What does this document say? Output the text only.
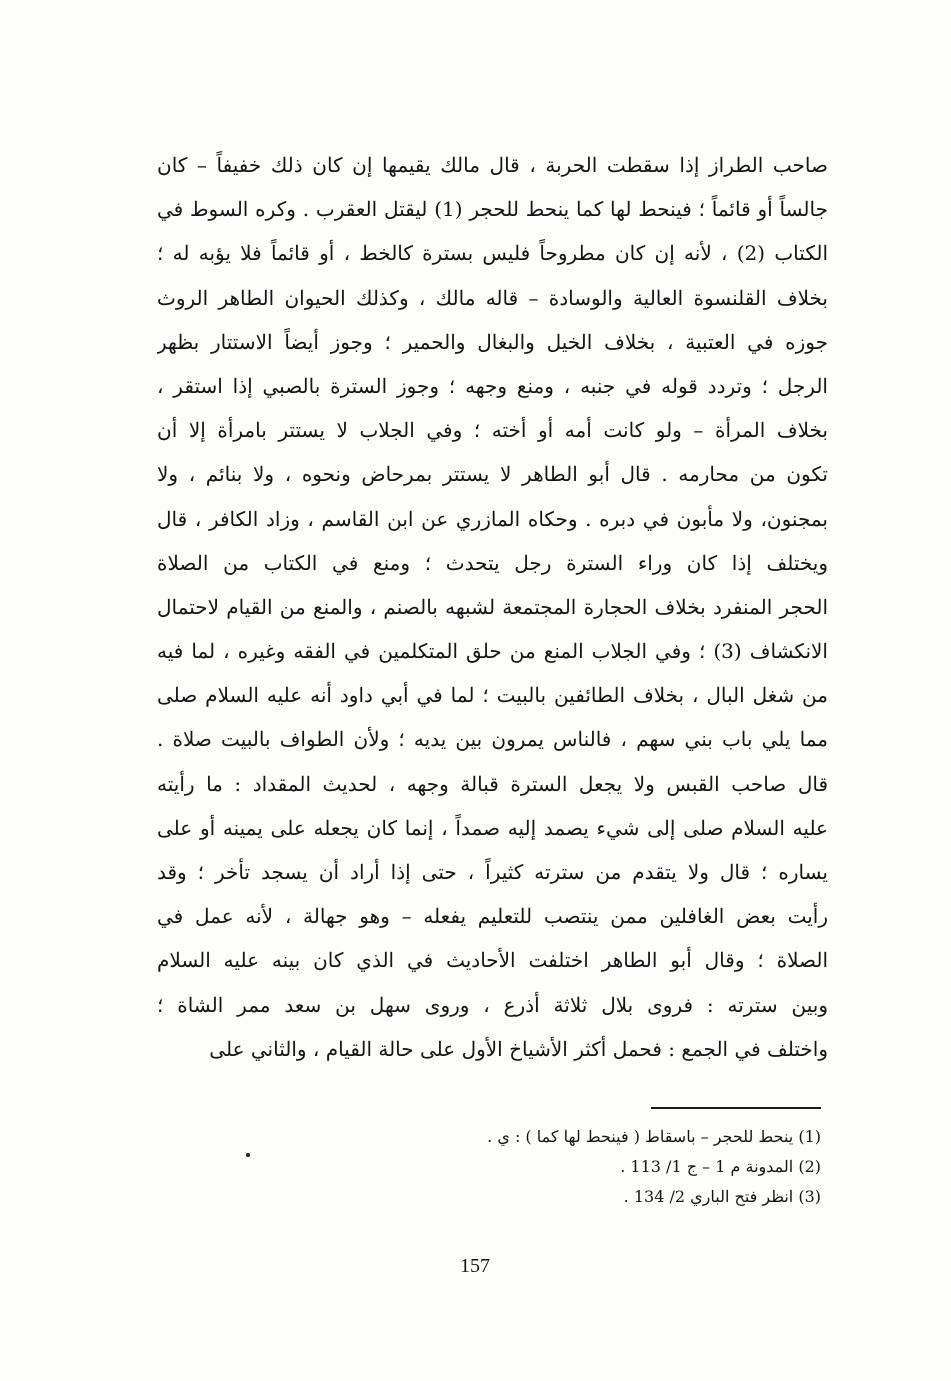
صاحب الطراز إذا سقطت الحربة ، قال مالك يقيمها إن كان ذلك خفيفاً – كان
جالساً أو قائماً ؛ فينحط لها كما ينحط للحجر (1) ليقتل العقرب . وكره السوط في
الكتاب (2) ، لأنه إن كان مطروحاً فليس بسترة كالخط ، أو قائماً فلا يؤبه له ؛
بخلاف القلنسوة العالية والوسادة – قاله مالك ، وكذلك الحيوان الطاهر الروث
جوزه في العتبية ، بخلاف الخيل والبغال والحمير ؛ وجوز أيضاً الاستتار بظهر
الرجل ؛ وتردد قوله في جنبه ، ومنع وجهه ؛ وجوز السترة بالصبي إذا استقر ،
بخلاف المرأة – ولو كانت أمه أو أخته ؛ وفي الجلاب لا يستتر بامرأة إلا أن
تكون من محارمه . قال أبو الطاهر لا يستتر بمرحاض ونحوه ، ولا بنائم ، ولا
بمجنون، ولا مأبون في دبره . وحكاه المازري عن ابن القاسم ، وزاد الكافر ، قال
ويختلف إذا كان وراء السترة رجل يتحدث ؛ ومنع في الكتاب من الصلاة
الحجر المنفرد بخلاف الحجارة المجتمعة لشبهه بالصنم ، والمنع من القيام لاحتمال
الانكشاف (3) ؛ وفي الجلاب المنع من حلق المتكلمين في الفقه وغيره ، لما فيه
من شغل البال ، بخلاف الطائفين بالبيت ؛ لما في أبي داود أنه عليه السلام صلى
مما يلي باب بني سهم ، فالناس يمرون بين يديه ؛ ولأن الطواف بالبيت صلاة .
قال صاحب القبس ولا يجعل السترة قبالة وجهه ، لحديث المقداد : ما رأيته
عليه السلام صلى إلى شيء يصمد إليه صمداً ، إنما كان يجعله على يمينه أو على
يساره ؛ قال ولا يتقدم من سترته كثيراً ، حتى إذا أراد أن يسجد تأخر ؛ وقد
رأيت بعض الغافلين ممن ينتصب للتعليم يفعله – وهو جهالة ، لأنه عمل في
الصلاة ؛ وقال أبو الطاهر اختلفت الأحاديث في الذي كان بينه عليه السلام
وبين سترته : فروى بلال ثلاثة أذرع ، وروى سهل بن سعد ممر الشاة ؛
واختلف في الجمع : فحمل أكثر الأشياخ الأول على حالة القيام ، والثاني على
(1) ينحط للحجر – باسقاط ( فينحط لها كما ) : ي .
(2) المدونة م 1 – ج 1/ 113 .
(3) انظر فتح الباري 2/ 134 .
157
